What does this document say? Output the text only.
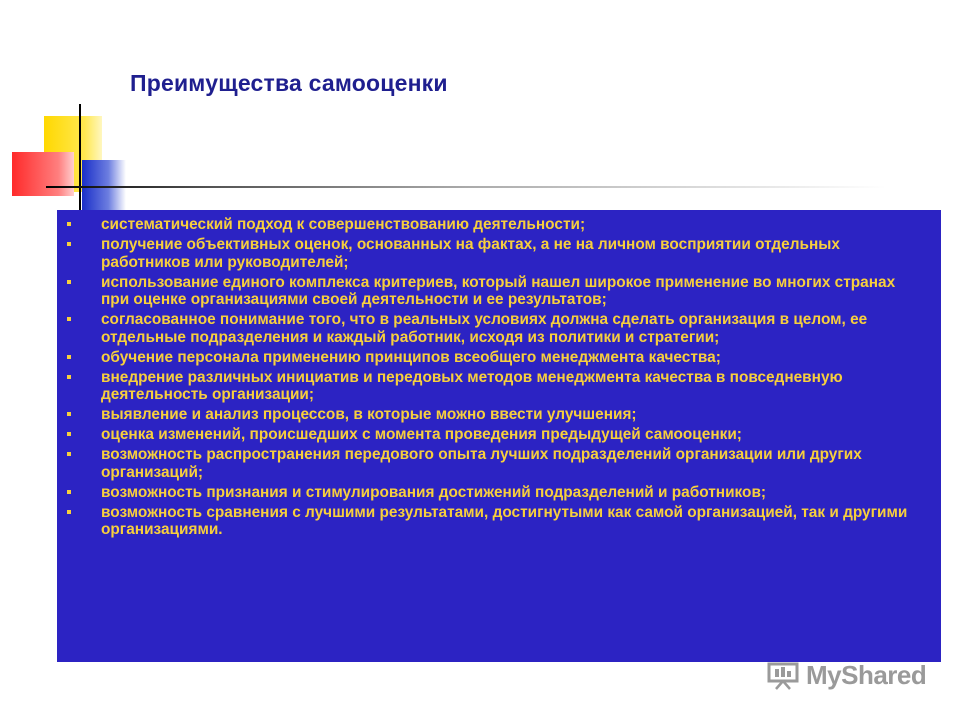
Преимущества самооценки
систематический подход к совершенствованию деятельности;
получение объективных оценок, основанных на фактах, а не на личном восприятии отдельных работников или руководителей;
использование единого комплекса критериев, который нашел широкое применение во многих странах при оценке организациями своей деятельности и ее результатов;
согласованное понимание того, что в реальных условиях должна сделать организация в целом, ее отдельные подразделения и каждый работник, исходя из политики и стратегии;
обучение персонала применению принципов всеобщего менеджмента качества;
внедрение различных инициатив и передовых методов менеджмента качества в повседневную деятельность организации;
выявление и анализ процессов, в которые можно ввести улучшения;
оценка изменений, происшедших с момента проведения предыдущей самооценки;
возможность распространения передового опыта лучших подразделений организации или других организаций;
возможность признания и стимулирования достижений подразделений и работников;
возможность сравнения с лучшими результатами, достигнутыми как самой организацией, так и другими организациями.
MyShared
